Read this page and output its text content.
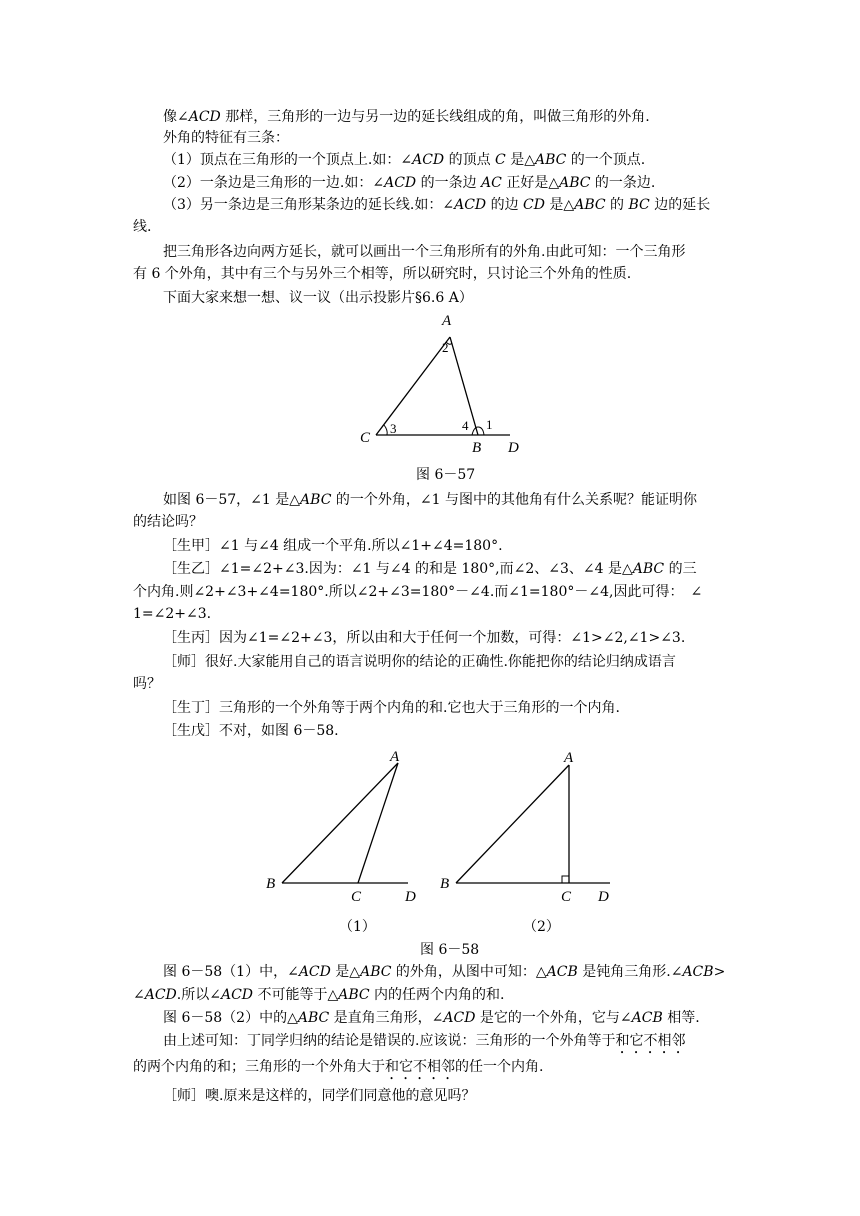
像∠ACD 那样，三角形的一边与另一边的延长线组成的角，叫做三角形的外角.
外角的特征有三条：
（1）顶点在三角形的一个顶点上.如：∠ACD 的顶点 C 是△ABC 的一个顶点.
（2）一条边是三角形的一边.如：∠ACD 的一条边 AC 正好是△ABC 的一条边.
（3）另一条边是三角形某条边的延长线.如：∠ACD 的边 CD 是△ABC 的 BC 边的延长
线.
把三角形各边向两方延长，就可以画出一个三角形所有的外角.由此可知：一个三角形
有 6 个外角，其中有三个与另外三个相等，所以研究时，只讨论三个外角的性质.
下面大家来想一想、议一议（出示投影片§6.6 A）
A
2
C
3	4 1
B D
图 6－57
如图 6－57，∠1 是△ABC 的一个外角，∠1 与图中的其他角有什么关系呢？能证明你
的结论吗？
［生甲］∠1 与∠4 组成一个平角.所以∠1+∠4=180°.
［生乙］∠1=∠2+∠3.因为：∠1 与∠4 的和是 180°,而∠2、∠3、∠4 是△ABC 的三
个内角.则∠2+∠3+∠4=180°.所以∠2+∠3=180°－∠4.而∠1=180°－∠4,因此可得：　∠
1=∠2+∠3.
［生丙］因为∠1=∠2+∠3，所以由和大于任何一个加数，可得：∠1>∠2,∠1>∠3.
［师］很好.大家能用自己的语言说明你的结论的正确性.你能把你的结论归纳成语言
吗？
［生丁］三角形的一个外角等于两个内角的和.它也大于三角形的一个内角.
［生戊］不对，如图 6－58.
A
B
C	D
A
B
C D
（1）	（2）
图 6－58
图 6－58（1）中，∠ACD 是△ABC 的外角，从图中可知：△ACB 是钝角三角形.∠ACB>
∠ACD.所以∠ACD 不可能等于△ABC 内的任两个内角的和.
图 6－58（2）中的△ABC 是直角三角形，∠ACD 是它的一个外角，它与∠ACB 相等.
由上述可知：丁同学归纳的结论是错误的.应该说：三角形的一个外角等于和它不相邻
的两个内角的和；三角形的一个外角大于和它不相邻的任一个内角.
［师］噢.原来是这样的，同学们同意他的意见吗？
